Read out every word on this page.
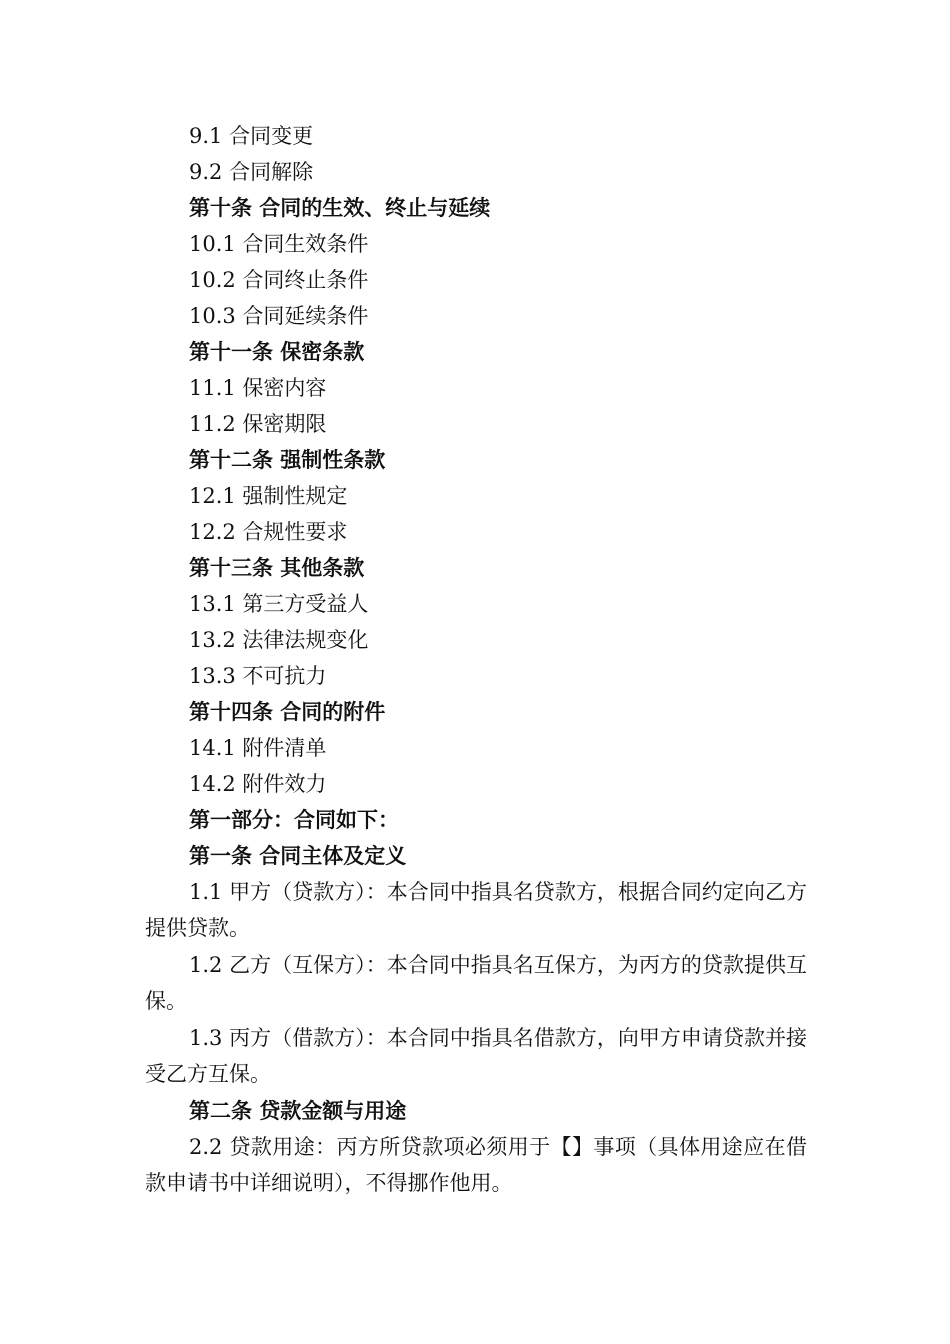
9.1 合同变更
9.2 合同解除
第十条 合同的生效、终止与延续
10.1 合同生效条件
10.2 合同终止条件
10.3 合同延续条件
第十一条 保密条款
11.1 保密内容
11.2 保密期限
第十二条 强制性条款
12.1 强制性规定
12.2 合规性要求
第十三条 其他条款
13.1 第三方受益人
13.2 法律法规变化
13.3 不可抗力
第十四条 合同的附件
14.1 附件清单
14.2 附件效力
第一部分：合同如下：
第一条 合同主体及定义
1.1 甲方（贷款方）：本合同中指具名贷款方，根据合同约定向乙方提供贷款。
1.2 乙方（互保方）：本合同中指具名互保方，为丙方的贷款提供互保。
1.3 丙方（借款方）：本合同中指具名借款方，向甲方申请贷款并接受乙方互保。
第二条 贷款金额与用途
2.2 贷款用途：丙方所贷款项必须用于【】事项（具体用途应在借款申请书中详细说明），不得挪作他用。
